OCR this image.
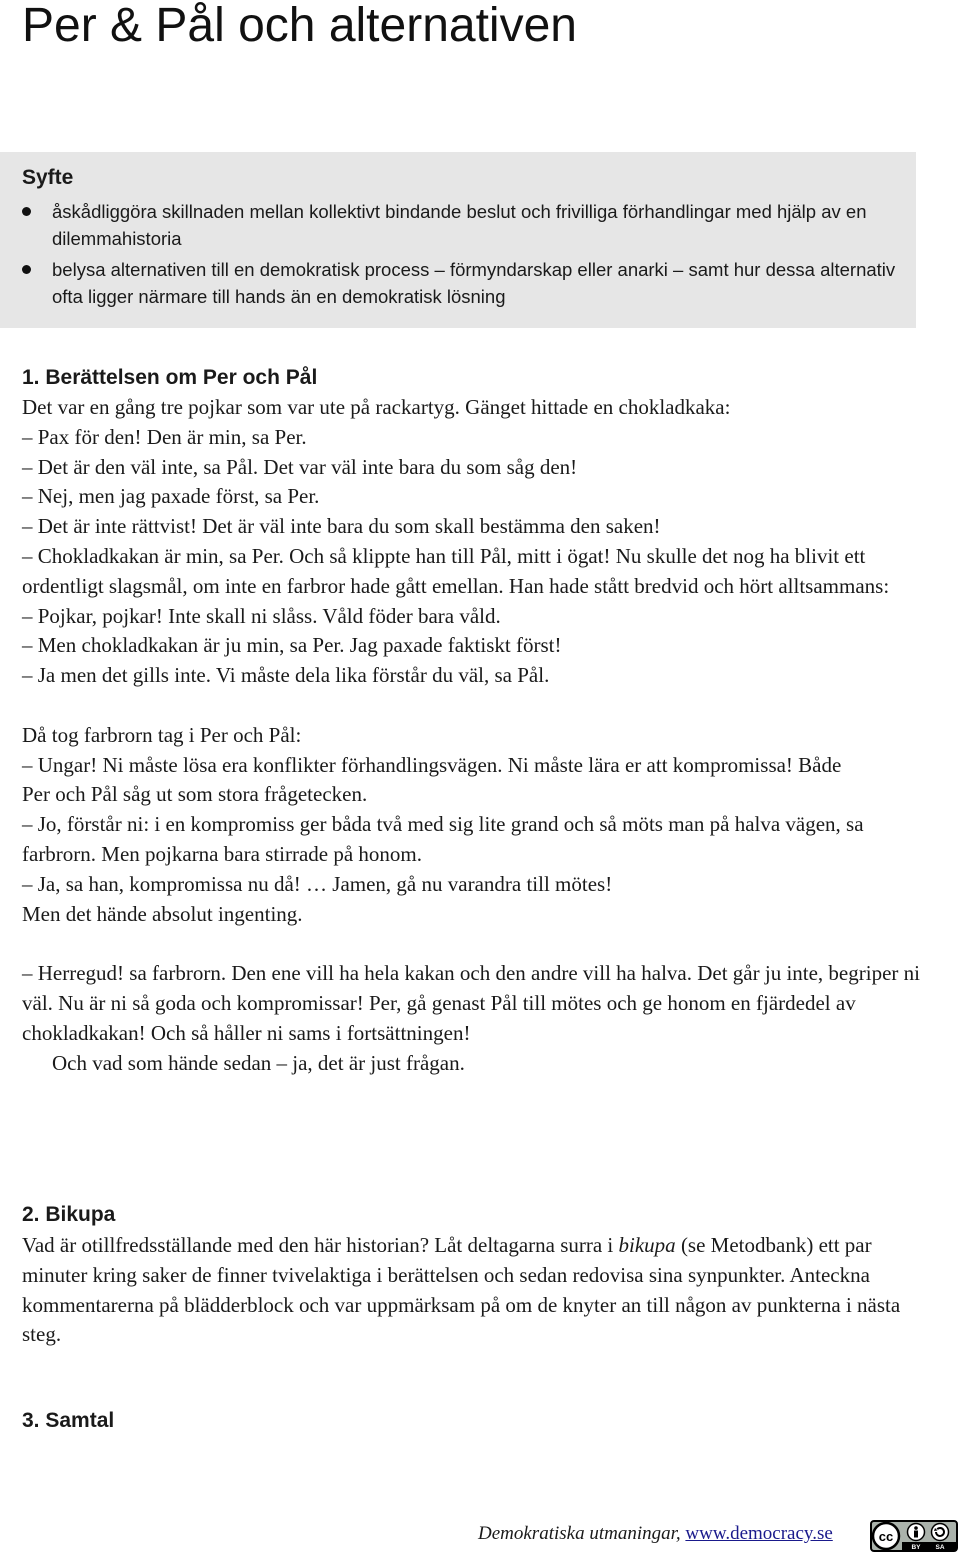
Per & Pål och alternativen
Syfte
åskådliggöra skillnaden mellan kollektivt bindande beslut och frivilliga förhandlingar med hjälp av en dilemmahistoria
belysa alternativen till en demokratisk process – förmyndarskap eller anarki – samt hur dessa alternativ ofta ligger närmare till hands än en demokratisk lösning
1. Berättelsen om Per och Pål

Det var en gång tre pojkar som var ute på rackartyg. Gänget hittade en chokladkaka:

– Pax för den! Den är min, sa Per.

– Det är den väl inte, sa Pål. Det var väl inte bara du som såg den!

– Nej, men jag paxade först, sa Per.

– Det är inte rättvist! Det är väl inte bara du som skall bestämma den saken!

– Chokladkakan är min, sa Per. Och så klippte han till Pål, mitt i ögat! Nu skulle det nog ha blivit ett ordentligt slagsmål, om inte en farbror hade gått emellan. Han hade stått bredvid och hört alltsammans:

– Pojkar, pojkar! Inte skall ni slåss. Våld föder bara våld.

– Men chokladkakan är ju min, sa Per. Jag paxade faktiskt först!

– Ja men det gills inte. Vi måste dela lika förstår du väl, sa Pål.

Då tog farbrorn tag i Per och Pål:

– Ungar! Ni måste lösa era konflikter förhandlingsvägen. Ni måste lära er att kompromissa! Både Per och Pål såg ut som stora frågetecken.

– Jo, förstår ni: i en kompromiss ger båda två med sig lite grand och så möts man på halva vägen, sa farbrorn. Men pojkarna bara stirrade på honom.

– Ja, sa han, kompromissa nu då! … Jamen, gå nu varandra till mötes!

Men det hände absolut ingenting.

– Herregud! sa farbrorn. Den ene vill ha hela kakan och den andre vill ha halva. Det går ju inte, begriper ni väl. Nu är ni så goda och kompromissar! Per, gå genast Pål till mötes och ge honom en fjärdedel av chokladkakan! Och så håller ni sams i fortsättningen!

Och vad som hände sedan – ja, det är just frågan.

2. Bikupa

Vad är otillfredsställande med den här historian? Låt deltagarna surra i bikupa (se Metodbank) ett par minuter kring saker de finner tvivelaktiga i berättelsen och sedan redovisa sina synpunkter. Anteckna kommentarerna på blädderblock och var uppmärksam på om de knyter an till någon av punkterna i nästa steg.

3. Samtal
Demokratiska utmaningar, www.democracy.se	cc
BY SA
